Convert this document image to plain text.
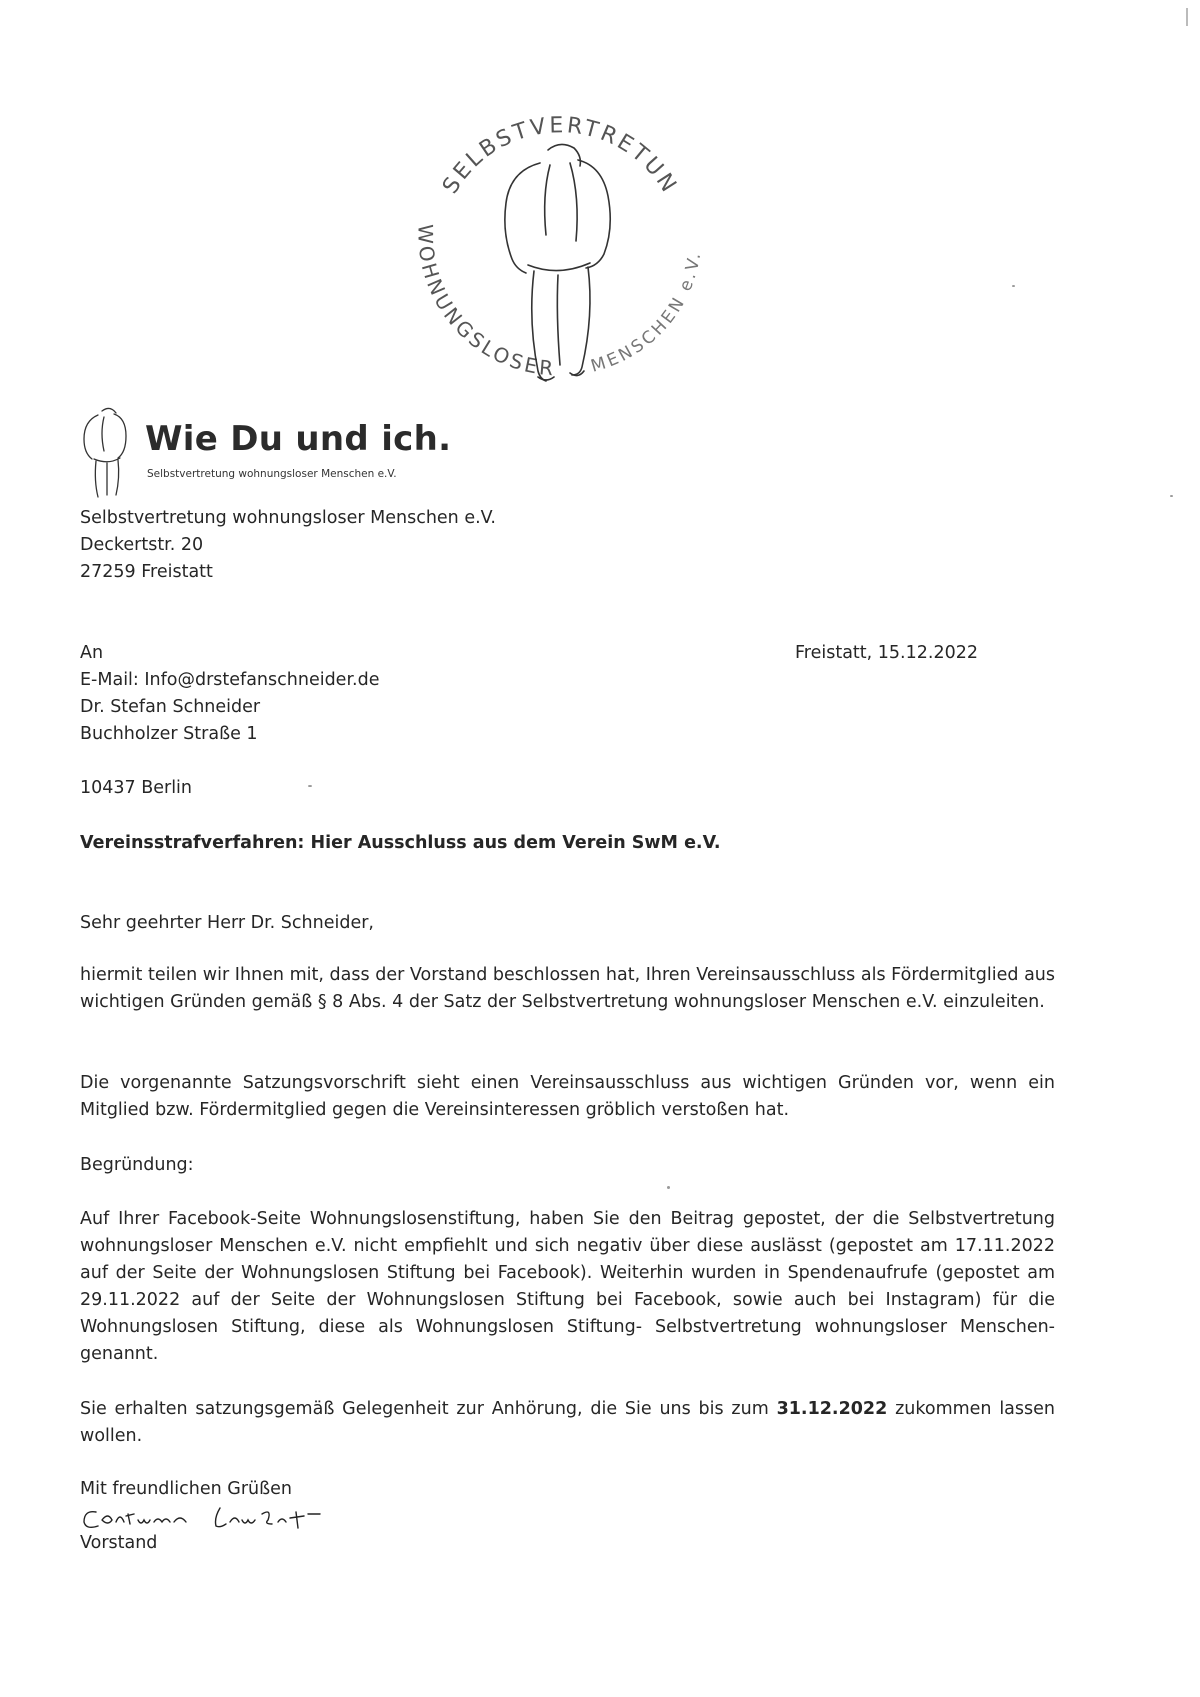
SELBSTVERTRETUN
WOHNUNGSLOSER MENSCHEN e.V.
Wie Du und ich.
Selbstvertretung wohnungsloser Menschen e.V.
Selbstvertretung wohnungsloser Menschen e.V.
Deckertstr. 20
27259 Freistatt
An
E-Mail: Info@drstefanschneider.de
Dr. Stefan Schneider
Buchholzer Straße 1
10437 Berlin
Freistatt, 15.12.2022
Vereinsstrafverfahren: Hier Ausschluss aus dem Verein SwM e.V.
Sehr geehrter Herr Dr. Schneider,
hiermit teilen wir Ihnen mit, dass der Vorstand beschlossen hat, Ihren Vereinsausschluss als Fördermitglied aus wichtigen Gründen gemäß § 8 Abs. 4 der Satz der Selbstvertretung wohnungsloser Menschen e.V. einzuleiten.
Die vorgenannte Satzungsvorschrift sieht einen Vereinsausschluss aus wichtigen Gründen vor, wenn ein Mitglied bzw. Fördermitglied gegen die Vereinsinteressen gröblich verstoßen hat.
Begründung:
Auf Ihrer Facebook-Seite Wohnungslosenstiftung, haben Sie den Beitrag gepostet, der die Selbstvertretung wohnungsloser Menschen e.V. nicht empfiehlt und sich negativ über diese auslässt (gepostet am 17.11.2022 auf der Seite der Wohnungslosen Stiftung bei Facebook). Weiterhin wurden in Spendenaufrufe (gepostet am 29.11.2022 auf der Seite der Wohnungslosen Stiftung bei Facebook, sowie auch bei Instagram) für die Wohnungslosen Stiftung, diese als Wohnungslosen Stiftung- Selbstvertretung wohnungsloser Menschen-genannt.
Sie erhalten satzungsgemäß Gelegenheit zur Anhörung, die Sie uns bis zum 31.12.2022 zukommen lassen wollen.
Mit freundlichen Grüßen
Vorstand
